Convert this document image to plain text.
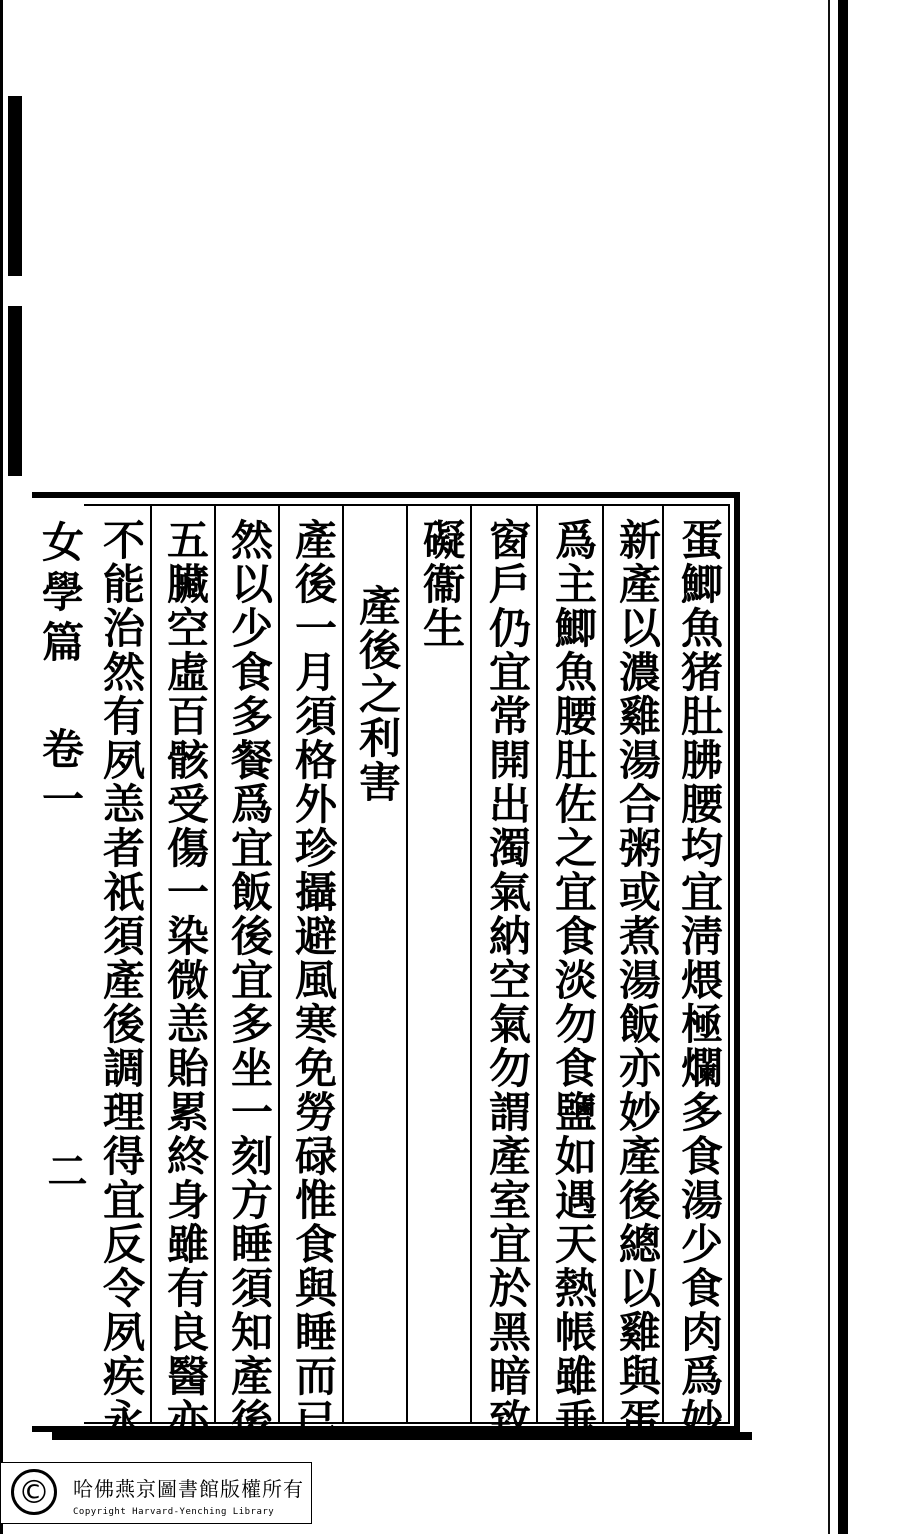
女學篇 卷一
二	蛋鯽魚猪肚胇腰均宜淸煨極爛多食湯少食肉爲妙
新產以濃雞湯合粥或煮湯飯亦妙產後總以雞與蛋
爲主鯽魚腰肚佐之宜食淡勿食鹽如遇天熱帳雖垂
窗戶仍宜常開出濁氣納空氣勿謂產室宜於黑暗致
礙衞生
產後之利害
產後一月須格外珍攝避風寒免勞碌惟食與睡而已
然以少食多餐爲宜飯後宜多坐一刻方睡須知產後
五臟空虛百骸受傷一染微恙貽累終身雖有良醫亦
不能治然有夙恙者祇須產後調理得宜反令夙疾永
©	哈佛燕京圖書館版權所有
Copyright Harvard-Yenching Library
